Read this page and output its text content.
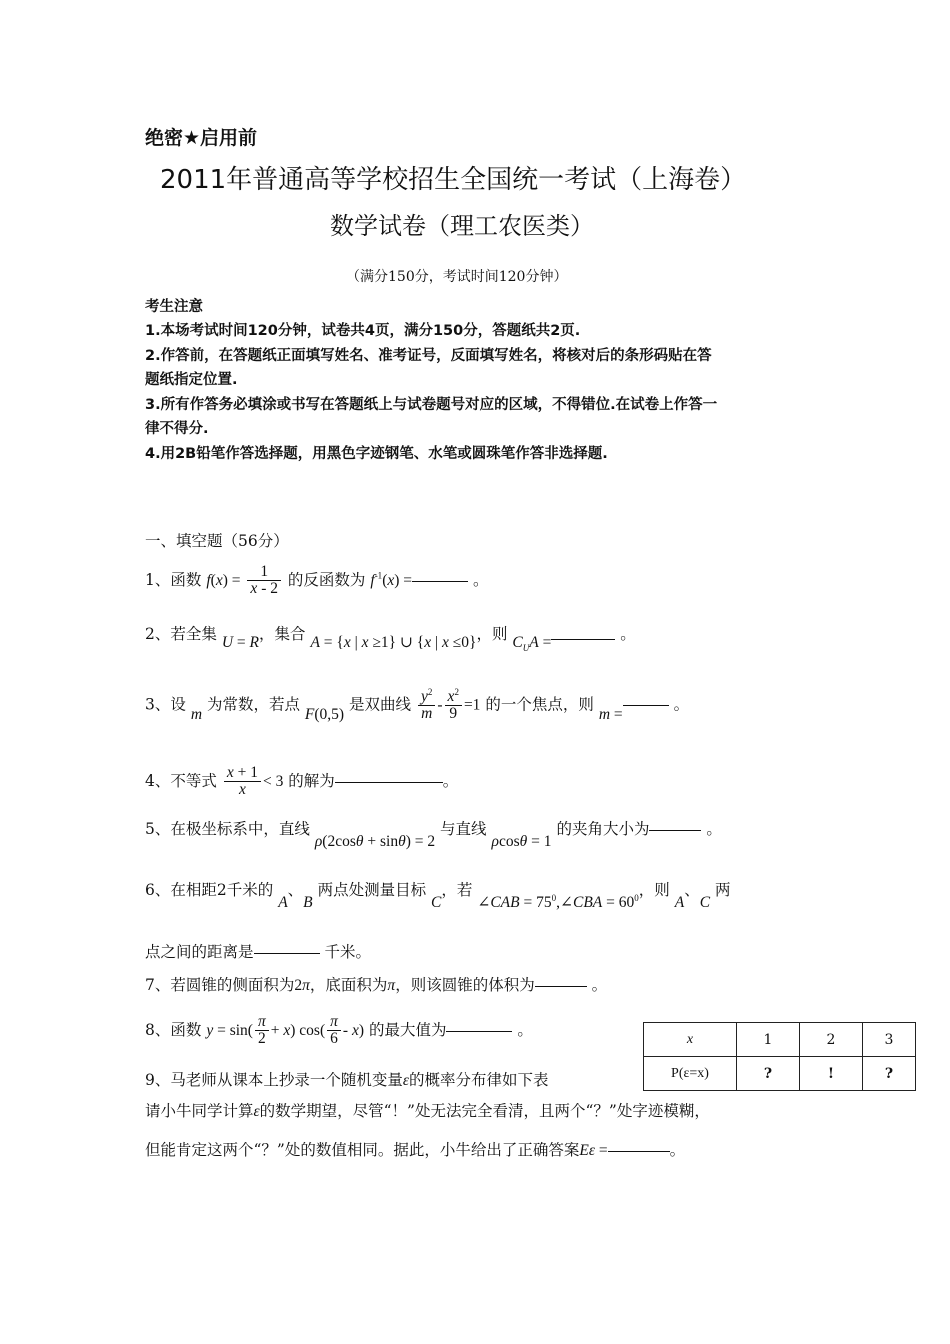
绝密★启用前
2011年普通高等学校招生全国统一考试（上海卷）
数学试卷（理工农医类）
（满分150分，考试时间120分钟）
考生注意
1.本场考试时间120分钟，试卷共4页，满分150分，答题纸共2页.
2.作答前，在答题纸正面填写姓名、准考证号，反面填写姓名，将核对后的条形码贴在答
题纸指定位置.
3.所有作答务必填涂或书写在答题纸上与试卷题号对应的区域，不得错位.在试卷上作答一
律不得分.
4.用2B铅笔作答选择题，用黑色字迹钢笔、水笔或圆珠笔作答非选择题.
一、填空题（56分）
1、函数 $f(x) = \frac{1}{x - 2}$ 的反函数为 $f^{-1}(x)$ =	。
2、若全集 U = R，集合 A = {x | x ≥1} ∪ {x | x ≤0}，则 $C_UA$ =	。
3、设 m 为常数，若点 F(0,5) 是双曲线 $\frac{y^2}{m} - \frac{x^2}{9} =1$ 的一个焦点，则 m = 。
4、不等式 $\frac{x + 1}{x} < 3$ 的解为	。
5、在极坐标系中，直线 ρ(2cosθ + sinθ) = 2 与直线 ρcosθ = 1 的夹角大小为	。
6、在相距2千米的 A、B 两点处测量目标 C，若 ∠CAB = $75^0,\angle CBA = 60^0$，则 A、C 两
点之间的距离是	千米。
7、若圆锥的侧面积为2π，底面积为π，则该圆锥的体积为	。
8、函数 $y = \sin( \frac{\pi}{2} + x)$ $\cos( \frac{\pi}{6} - x)$ 的最大值为	。
9、马老师从课本上抄录一个随机变量ε的概率分布律如下表
请小牛同学计算ε的数学期望，尽管“！”处无法完全看清，且两个“？”处字迹模糊，
但能肯定这两个“？”处的数值相同。据此，小牛给出了正确答案Eε =	。
x	1	2	3
P(ε=x)	?	!	?
